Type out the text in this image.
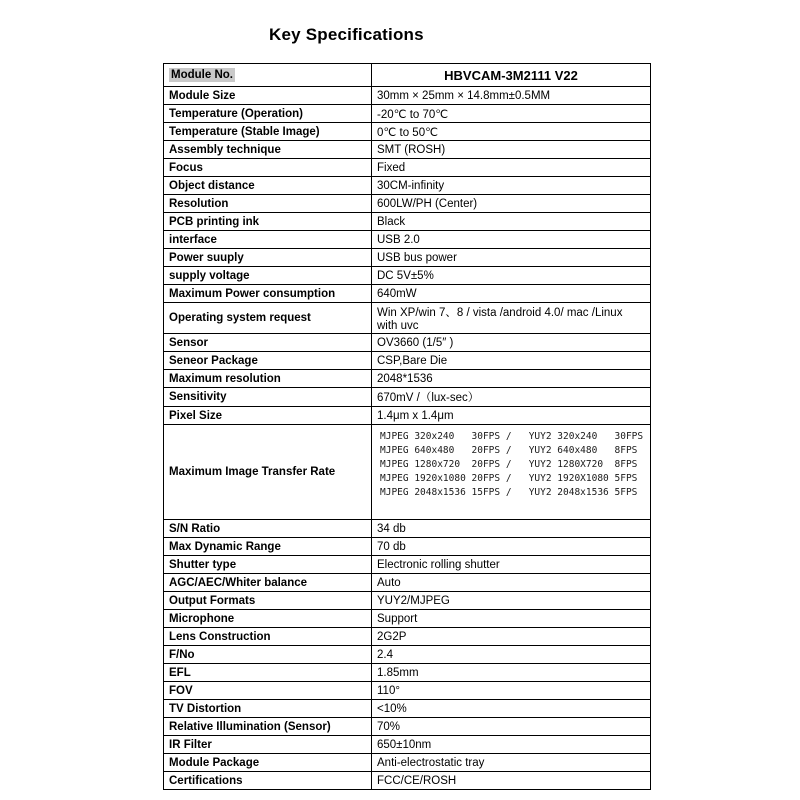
Key Specifications
Module No.	HBVCAM-3M2111 V22
Module Size	30mm × 25mm × 14.8mm±0.5MM
Temperature (Operation)	-20℃ to 70℃
Temperature (Stable Image)	0℃ to 50℃
Assembly technique	SMT (ROSH)
Focus	Fixed
Object distance	30CM-infinity
Resolution	600LW/PH (Center)
PCB printing ink	Black
interface	USB 2.0
Power suuply	USB bus power
supply voltage	DC 5V±5%
Maximum Power consumption	640mW
Operating system request	Win XP/win 7、8 / vista /android 4.0/ mac /Linux with uvc
Sensor	OV3660 (1/5″ )
Seneor Package	CSP,Bare Die
Maximum resolution	2048*1536
Sensitivity	670mV /（lux-sec）
Pixel Size	1.4μm x 1.4μm
Maximum Image Transfer Rate	MJPEG 320x240   30FPS /   YUY2 320x240   30FPS
MJPEG 640x480   20FPS /   YUY2 640x480   8FPS
MJPEG 1280x720  20FPS /   YUY2 1280X720  8FPS
MJPEG 1920x1080 20FPS /   YUY2 1920X1080 5FPS
MJPEG 2048x1536 15FPS /   YUY2 2048x1536 5FPS

S/N Ratio	34 db
Max Dynamic Range	70 db
Shutter type	Electronic rolling shutter
AGC/AEC/Whiter balance	Auto
Output Formats	YUY2/MJPEG
Microphone	Support
Lens Construction	2G2P
F/No	2.4
EFL	1.85mm
FOV	110°
TV Distortion	<10%
Relative Illumination (Sensor)	70%
IR Filter	650±10nm
Module Package	Anti-electrostatic tray
Certifications	FCC/CE/ROSH
